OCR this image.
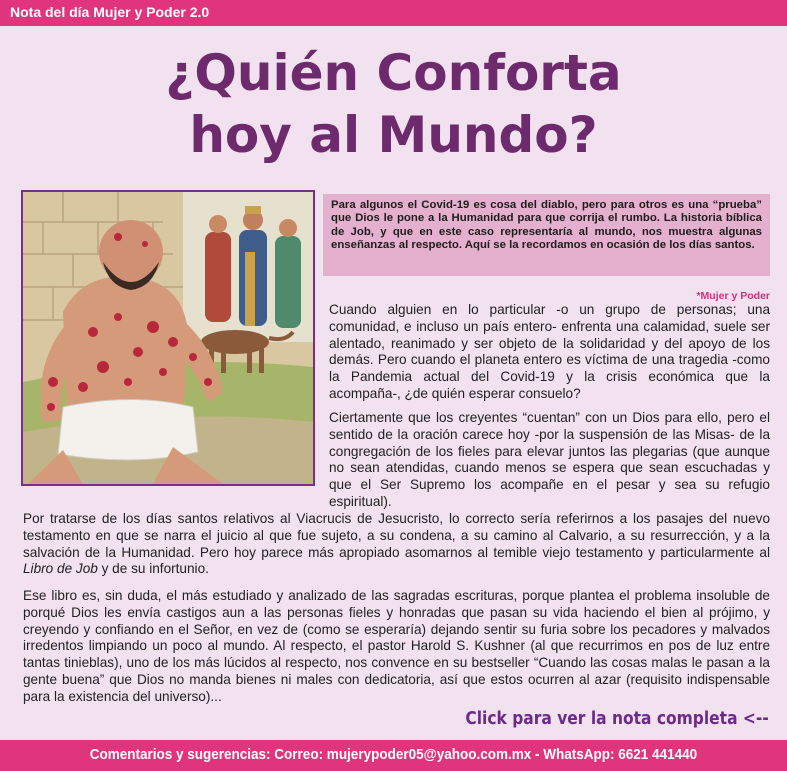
Nota del día Mujer y Poder 2.0
¿Quién Conforta
hoy al Mundo?
Para algunos el Covid-19 es cosa del diablo, pero para otros es una “prueba” que Dios le pone a la Humanidad para que corrija el rumbo. La historia bíblica de Job, y que en este caso representaría al mundo, nos muestra algunas enseñanzas al respecto. Aquí se la recordamos en ocasión de los días santos.
*Mujer y Poder

Cuando alguien en lo particular -o un grupo de personas; una comunidad, e incluso un país entero- enfrenta una calamidad, suele ser alentado, reanimado y ser objeto de la solidaridad y del apoyo de los demás. Pero cuando el planeta entero es víctima de una tragedia -como la Pandemia actual del Covid-19 y la crisis económica que la acompaña-, ¿de quién esperar consuelo?

Ciertamente que los creyentes “cuentan” con un Dios para ello, pero el sentido de la oración carece hoy -por la suspensión de las Misas- de la congregación de los fieles para elevar juntos las plegarias (que aunque no sean atendidas, cuando menos se espera que sean escuchadas y que el Ser Supremo los acompañe en el pesar y sea su refugio espiritual).

Por tratarse de los días santos relativos al Viacrucis de Jesucristo, lo correcto sería referirnos a los pasajes del nuevo testamento en que se narra el juicio al que fue sujeto, a su condena, a su camino al Calvario, a su resurrección, y a la salvación de la Humanidad. Pero hoy parece más apropiado asomarnos al temible viejo testamento y particularmente al Libro de Job y de su infortunio.

Ese libro es, sin duda, el más estudiado y analizado de las sagradas escrituras, porque plantea el problema insoluble de porqué Dios les envía castigos aun a las personas fieles y honradas que pasan su vida haciendo el bien al prójimo, y creyendo y confiando en el Señor, en vez de (como se esperaría) dejando sentir su furia sobre los pecadores y malvados irredentos limpiando un poco al mundo. Al respecto, el pastor Harold S. Kushner (al que recurrimos en pos de luz entre tantas tinieblas), uno de los más lúcidos al respecto, nos convence en su bestseller “Cuando las cosas malas le pasan a la gente buena” que Dios no manda bienes ni males con dedicatoria, así que estos ocurren al azar (requisito indispensable para la existencia del universo)...

Click para ver la nota completa <--
Comentarios y sugerencias: Correo: mujerypoder05@yahoo.com.mx - WhatsApp: 6621 441440
